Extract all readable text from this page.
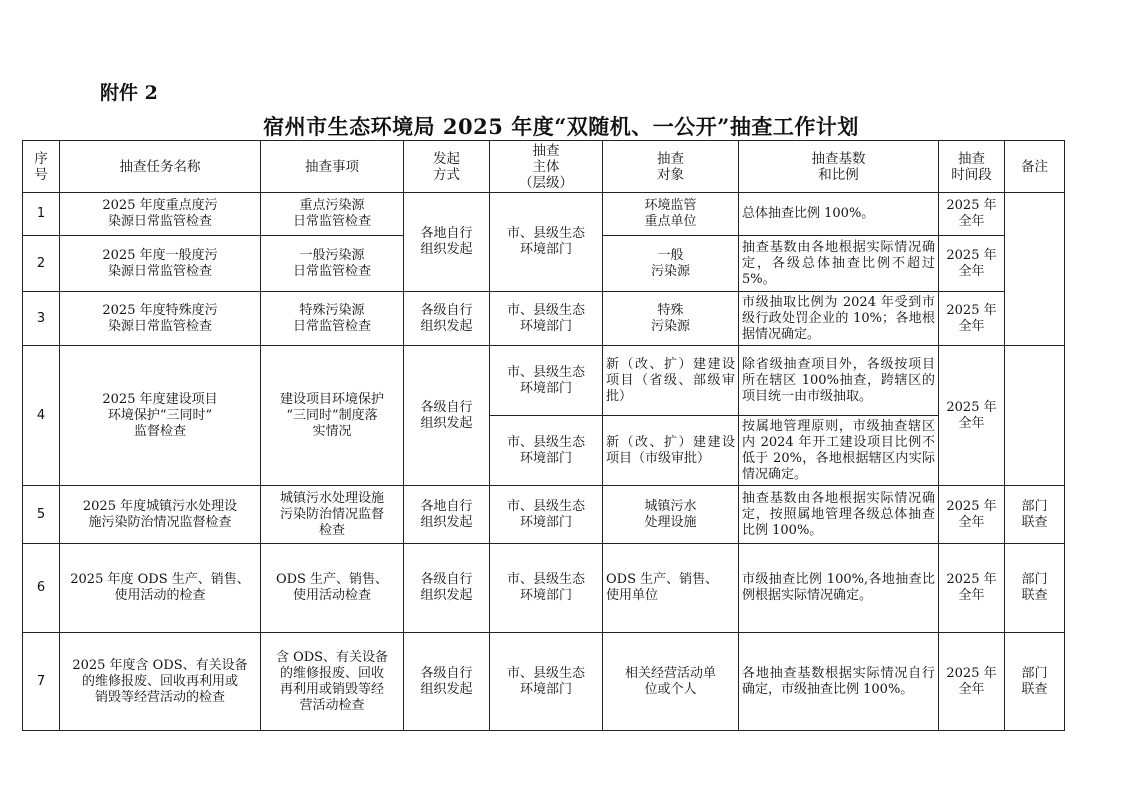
附件 2
宿州市生态环境局 2025 年度“双随机、一公开”抽查工作计划
序
号	抽查任务名称	抽查事项	发起
方式	抽查
主体
（层级）	抽查
对象	抽查基数
和比例	抽查
时间段	备注
1	2025 年度重点度污
染源日常监管检查	重点污染源
日常监管检查	各地自行
组织发起	市、县级生态
环境部门	环境监管
重点单位	总体抽查比例 100%。	2025 年
全年	
2	2025 年度一般度污
染源日常监管检查	一般污染源
日常监管检查			一般
污染源	抽查基数由各地根据实际情况确定，各级总体抽查比例不超过 5%。	2025 年
全年	
3	2025 年度特殊度污
染源日常监管检查	特殊污染源
日常监管检查	各级自行
组织发起	市、县级生态
环境部门	特殊
污染源	市级抽取比例为 2024 年受到市级行政处罚企业的 10%；各地根据情况确定。	2025 年
全年	
4	2025 年度建设项目
环境保护“三同时”
监督检查	建设项目环境保护
“三同时”制度落
实情况	各级自行
组织发起	市、县级生态
环境部门	新（改、扩）建建设项目（省级、部级审批）	除省级抽查项目外，各级按项目所在辖区 100%抽查，跨辖区的项目统一由市级抽取。	2025 年
全年	
				市、县级生态
环境部门	新（改、扩）建建设项目（市级审批）	按属地管理原则，市级抽查辖区内 2024 年开工建设项目比例不低于 20%，各地根据辖区内实际情况确定。		
5	2025 年度城镇污水处理设
施污染防治情况监督检查	城镇污水处理设施
污染防治情况监督
检查	各地自行
组织发起	市、县级生态
环境部门	城镇污水
处理设施	抽查基数由各地根据实际情况确定，按照属地管理各级总体抽查比例 100%。	2025 年
全年	部门
联查
6	2025 年度 ODS 生产、销售、
使用活动的检查	ODS 生产、销售、
使用活动检查	各级自行
组织发起	市、县级生态
环境部门	ODS 生产、销售、
使用单位	市级抽查比例 100%,各地抽查比例根据实际情况确定。	2025 年
全年	部门
联查
7	2025 年度含 ODS、有关设备
的维修报废、回收再利用或
销毁等经营活动的检查	含 ODS、有关设备
的维修报废、回收
再利用或销毁等经
营活动检查	各级自行
组织发起	市、县级生态
环境部门	相关经营活动单
位或个人	各地抽查基数根据实际情况自行确定，市级抽查比例 100%。	2025 年
全年	部门
联查
